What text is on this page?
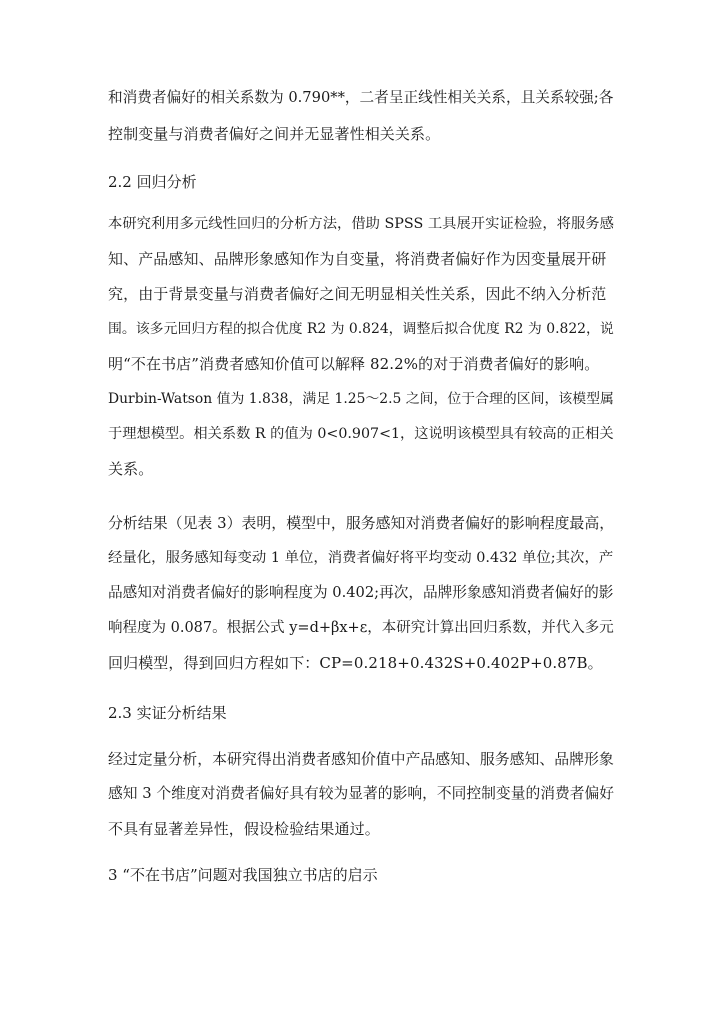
和消费者偏好的相关系数为 0.790**，二者呈正线性相关关系，且关系较强;各
控制变量与消费者偏好之间并无显著性相关关系。
2.2 回归分析
本研究利用多元线性回归的分析方法，借助 SPSS 工具展开实证检验，将服务感
知、产品感知、品牌形象感知作为自变量，将消费者偏好作为因变量展开研
究，由于背景变量与消费者偏好之间无明显相关性关系，因此不纳入分析范
围。该多元回归方程的拟合优度 R2 为 0.824，调整后拟合优度 R2 为 0.822，说
明“不在书店”消费者感知价值可以解释 82.2%的对于消费者偏好的影响。
Durbin-Watson 值为 1.838，满足 1.25～2.5 之间，位于合理的区间，该模型属
于理想模型。相关系数 R 的值为 0<0.907<1，这说明该模型具有较高的正相关
关系。
分析结果（见表 3）表明，模型中，服务感知对消费者偏好的影响程度最高，
经量化，服务感知每变动 1 单位，消费者偏好将平均变动 0.432 单位;其次，产
品感知对消费者偏好的影响程度为 0.402;再次，品牌形象感知消费者偏好的影
响程度为 0.087。根据公式 y=d+βx+ε，本研究计算出回归系数，并代入多元
回归模型，得到回归方程如下：CP=0.218+0.432S+0.402P+0.87B。
2.3 实证分析结果
经过定量分析，本研究得出消费者感知价值中产品感知、服务感知、品牌形象
感知 3 个维度对消费者偏好具有较为显著的影响，不同控制变量的消费者偏好
不具有显著差异性，假设检验结果通过。
3 “不在书店”问题对我国独立书店的启示
